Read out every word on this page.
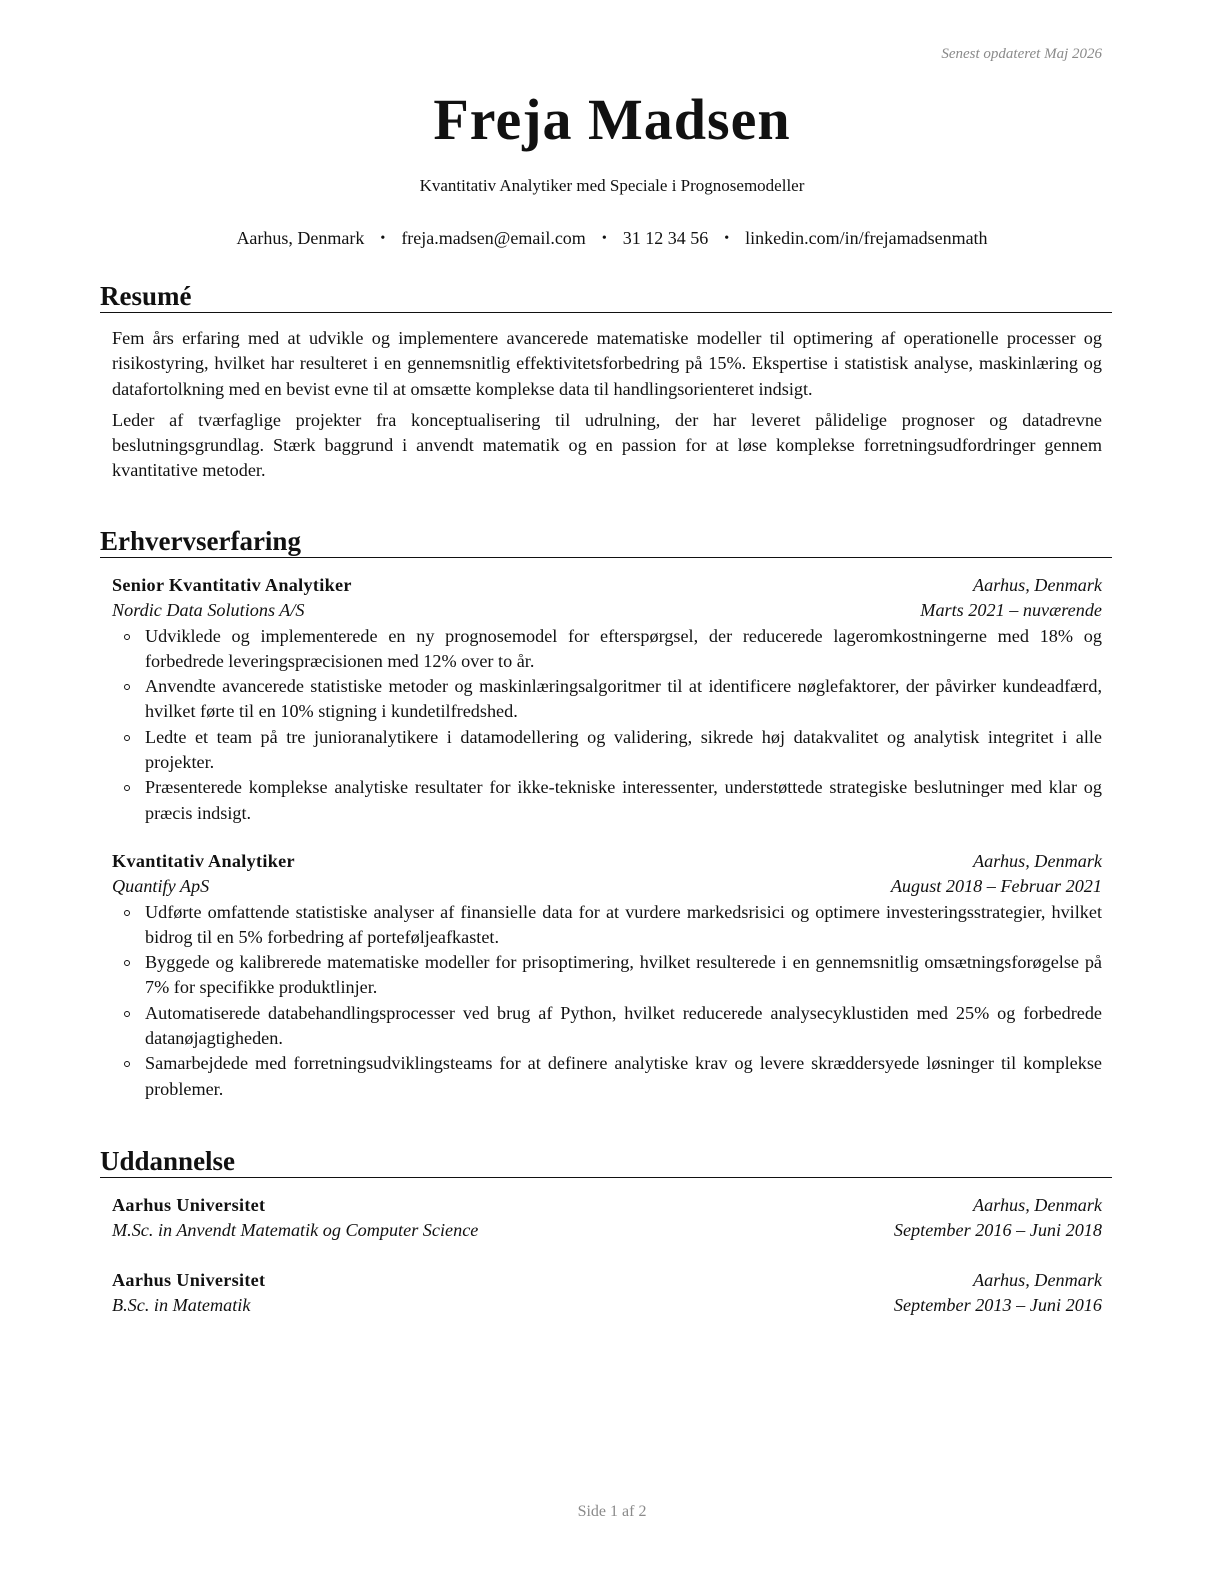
Senest opdateret Maj 2026
Freja Madsen
Kvantitativ Analytiker med Speciale i Prognosemodeller
Aarhus, Denmark • freja.madsen@email.com • 31 12 34 56 • linkedin.com/in/frejamadsenmath
Resumé

Fem års erfaring med at udvikle og implementere avancerede matematiske modeller til optimering af operationelle processer og risikostyring, hvilket har resulteret i en gennemsnitlig effektivitetsforbedring på 15%. Ekspertise i statistisk analyse, maskinlæring og datafortolkning med en bevist evne til at omsætte komplekse data til handlingsorienteret indsigt.

Leder af tværfaglige projekter fra konceptualisering til udrulning, der har leveret pålidelige prognoser og datadrevne beslutningsgrundlag. Stærk baggrund i anvendt matematik og en passion for at løse komplekse forretningsudfordringer gennem kvantitative metoder.

Erhvervserfaring
Senior Kvantitativ Analytiker	Aarhus, Denmark
Nordic Data Solutions A/S	Marts 2021 – nuværende
Udviklede og implementerede en ny prognosemodel for efterspørgsel, der reducerede lageromkostningerne med 18% og forbedrede leveringspræcisionen med 12% over to år.
Anvendte avancerede statistiske metoder og maskinlæringsalgoritmer til at identificere nøglefaktorer, der påvirker kundeadfærd, hvilket førte til en 10% stigning i kundetilfredshed.
Ledte et team på tre junioranalytikere i datamodellering og validering, sikrede høj datakvalitet og analytisk integritet i alle projekter.
Præsenterede komplekse analytiske resultater for ikke-tekniske interessenter, understøttede strategiske beslutninger med klar og præcis indsigt.
Kvantitativ Analytiker	Aarhus, Denmark
Quantify ApS	August 2018 – Februar 2021
Udførte omfattende statistiske analyser af finansielle data for at vurdere markedsrisici og optimere investeringsstrategier, hvilket bidrog til en 5% forbedring af porteføljeafkastet.
Byggede og kalibrerede matematiske modeller for prisoptimering, hvilket resulterede i en gennemsnitlig omsætningsforøgelse på 7% for specifikke produktlinjer.
Automatiserede databehandlingsprocesser ved brug af Python, hvilket reducerede analysecyklustiden med 25% og forbedrede datanøjagtigheden.
Samarbejdede med forretningsudviklingsteams for at definere analytiske krav og levere skræddersyede løsninger til komplekse problemer.
Uddannelse
Aarhus Universitet	Aarhus, Denmark
M.Sc. in Anvendt Matematik og Computer Science	September 2016 – Juni 2018
Aarhus Universitet	Aarhus, Denmark
B.Sc. in Matematik	September 2013 – Juni 2016
Side 1 af 2
